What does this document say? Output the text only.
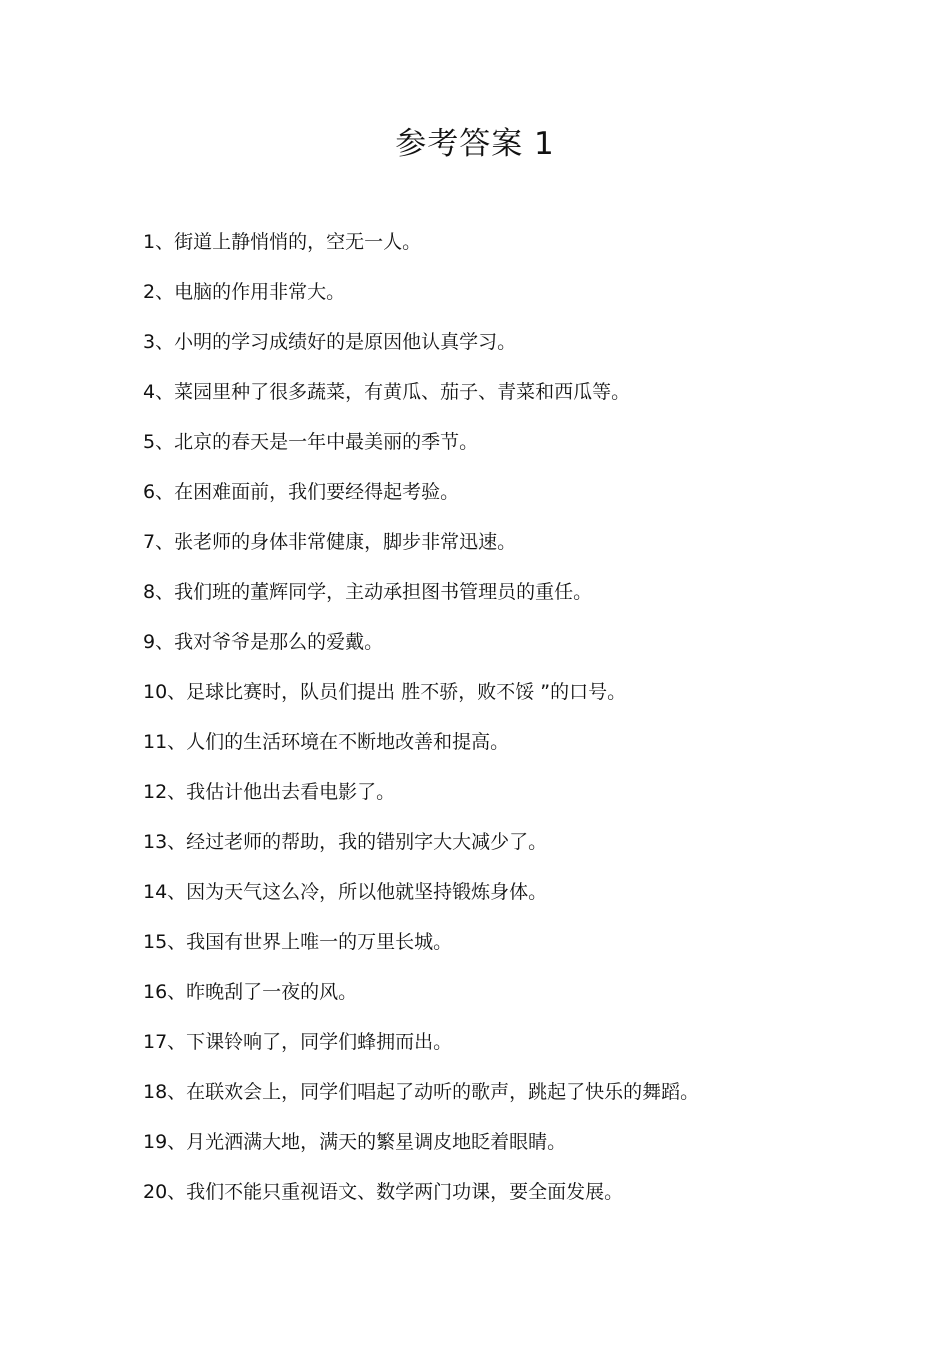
参考答案 1
1、街道上静悄悄的，空无一人。
2、电脑的作用非常大。
3、小明的学习成绩好的是原因他认真学习。
4、菜园里种了很多蔬菜，有黄瓜、茄子、青菜和西瓜等。
5、北京的春天是一年中最美丽的季节。
6、在困难面前，我们要经得起考验。
7、张老师的身体非常健康，脚步非常迅速。
8、我们班的董辉同学，主动承担图书管理员的重任。
9、我对爷爷是那么的爱戴。
10、足球比赛时，队员们提出 胜不骄，败不馁 ”的口号。
11、人们的生活环境在不断地改善和提高。
12、我估计他出去看电影了。
13、经过老师的帮助，我的错别字大大减少了。
14、因为天气这么冷，所以他就坚持锻炼身体。
15、我国有世界上唯一的万里长城。
16、昨晚刮了一夜的风。
17、下课铃响了，同学们蜂拥而出。
18、在联欢会上，同学们唱起了动听的歌声，跳起了快乐的舞蹈。
19、月光洒满大地，满天的繁星调皮地眨着眼睛。
20、我们不能只重视语文、数学两门功课，要全面发展。
